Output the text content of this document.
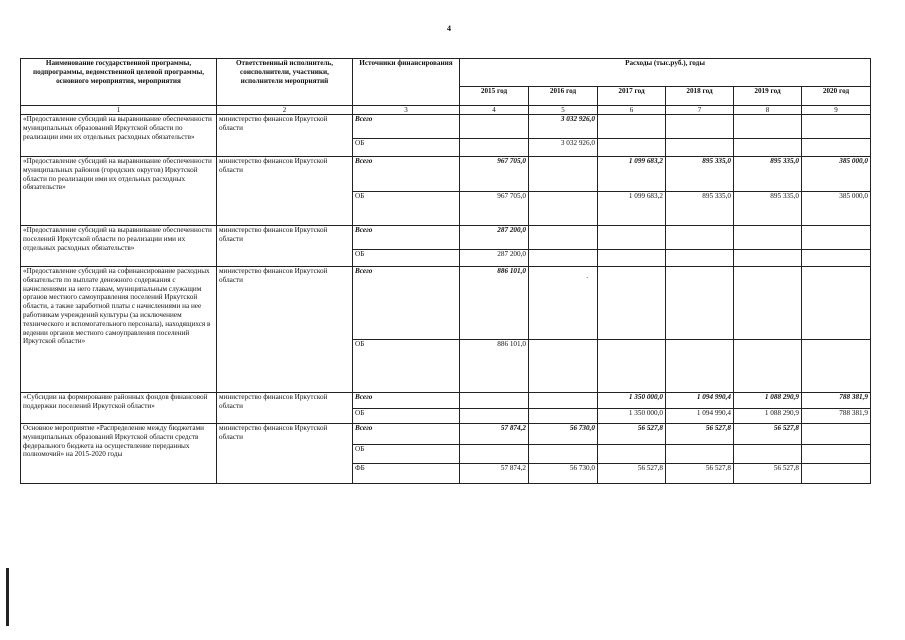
4
Наименование государственной программы, подпрограммы, ведомственной целевой программы, основного мероприятия, мероприятия	Ответственный исполнитель, соисполнители, участники, исполнители мероприятий	Источники финансирования	Расходы (тыс.руб.), годы					
			2015 год	2016 год	2017 год	2018 год	2019 год	2020 год
1	2	3	4	5	6	7	8	9
«Предоставление субсидий на выравнивание обеспеченности муниципальных образований Иркутской области по реализации ими их отдельных расходных обязательств»	министерство финансов Иркутской области	Всего		3 032 926,0				
		ОБ		3 032 926,0				
«Предоставление субсидий на выравнивание обеспеченности муниципальных районов (городских округов) Иркутской области по реализации ими их отдельных расходных обязательств»	министерство финансов Иркутской области	Всего	967 705,0		1 099 683,2	895 335,0	895 335,0	385 000,0
		ОБ	967 705,0		1 099 683,2	895 335,0	895 335,0	385 000,0
«Предоставление субсидий на выравнивание обеспеченности поселений Иркутской области по реализации ими их отдельных расходных обязательств»	министерство финансов Иркутской области	Всего	287 200,0					
		ОБ	287 200,0					
«Предоставление субсидий на софинансирование расходных обязательств по выплате денежного содержания с начислениями на него главам, муниципальным служащим органов местного самоуправления поселений Иркутской области, а также заработной платы с начислениями на нее работникам учреждений культуры (за исключением технического и вспомогательного персонала), находящихся в ведении органов местного самоуправления поселений Иркутской области»	министерство финансов Иркутской области	Всего	886 101,0					
		ОБ	886 101,0					
«Субсидии на формирование районных фондов финансовой поддержки поселений Иркутской области»	министерство финансов Иркутской области	Всего			1 350 000,0	1 094 990,4	1 088 290,9	788 381,9
		ОБ			1 350 000,0	1 094 990,4	1 088 290,9	788 381,9
Основное мероприятие «Распределение между бюджетами муниципальных образований Иркутской области средств федерального бюджета на осуществление переданных полномочий» на 2015-2020 годы	министерство финансов Иркутской области	Всего	57 874,2	56 730,0	56 527,8	56 527,8	56 527,8	
		ОБ						
		ФБ	57 874,2	56 730,0	56 527,8	56 527,8	56 527,8	
·
